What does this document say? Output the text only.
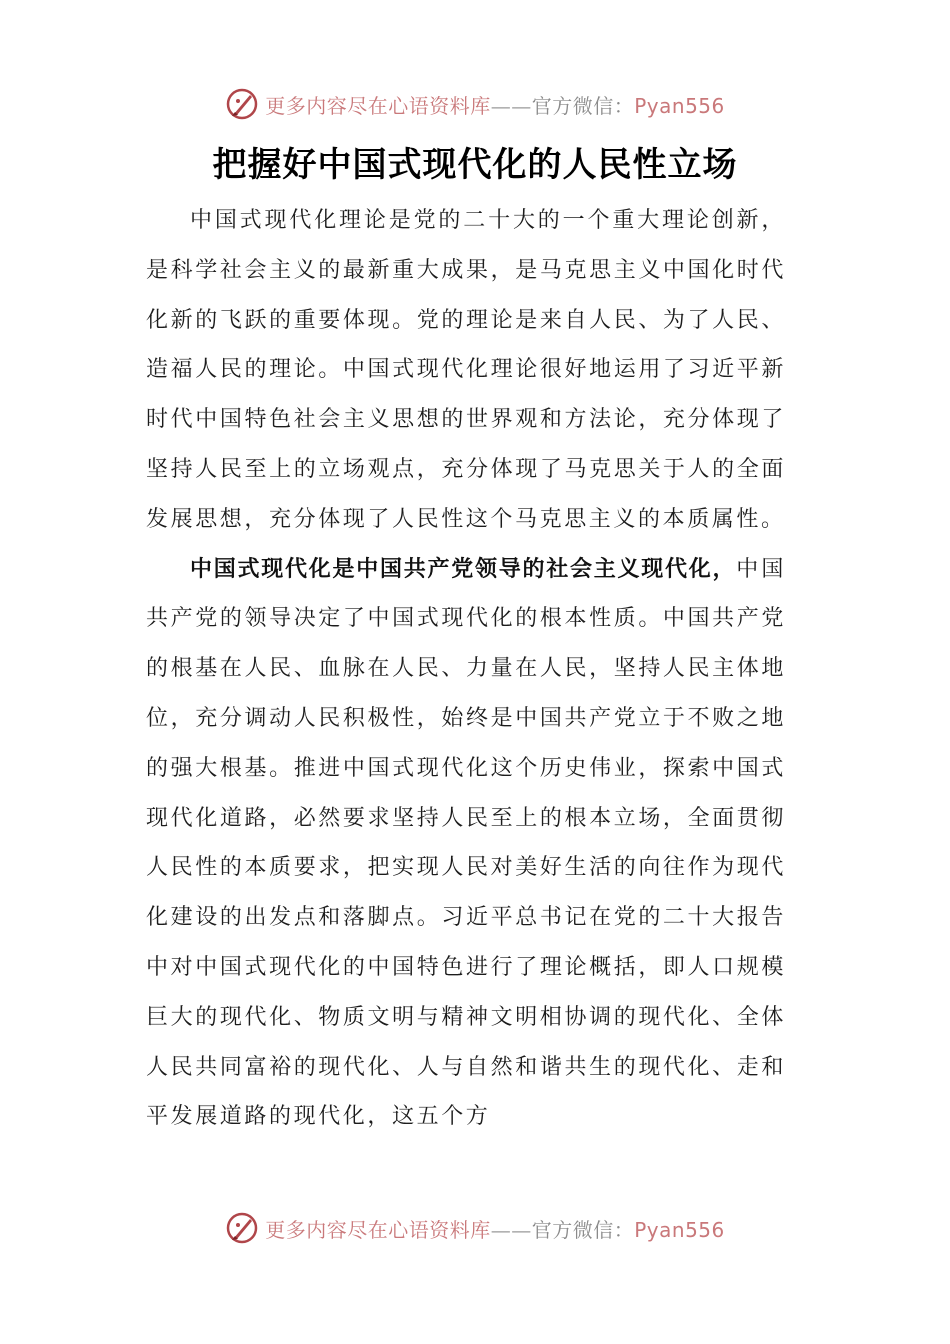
更多内容尽在心语资料库——官方微信：Pyan556
把握好中国式现代化的人民性立场

中国式现代化理论是党的二十大的一个重大理论创新，是科学社会主义的最新重大成果，是马克思主义中国化时代化新的飞跃的重要体现。党的理论是来自人民、为了人民、造福人民的理论。中国式现代化理论很好地运用了习近平新时代中国特色社会主义思想的世界观和方法论，充分体现了坚持人民至上的立场观点，充分体现了马克思关于人的全面发展思想，充分体现了人民性这个马克思主义的本质属性。

中国式现代化是中国共产党领导的社会主义现代化，中国共产党的领导决定了中国式现代化的根本性质。中国共产党的根基在人民、血脉在人民、力量在人民，坚持人民主体地位，充分调动人民积极性，始终是中国共产党立于不败之地的强大根基。推进中国式现代化这个历史伟业，探索中国式现代化道路，必然要求坚持人民至上的根本立场，全面贯彻人民性的本质要求，把实现人民对美好生活的向往作为现代化建设的出发点和落脚点。习近平总书记在党的二十大报告中对中国式现代化的中国特色进行了理论概括，即人口规模巨大的现代化、物质文明与精神文明相协调的现代化、全体人民共同富裕的现代化、人与自然和谐共生的现代化、走和平发展道路的现代化，这五个方

更多内容尽在心语资料库——官方微信：Pyan556
